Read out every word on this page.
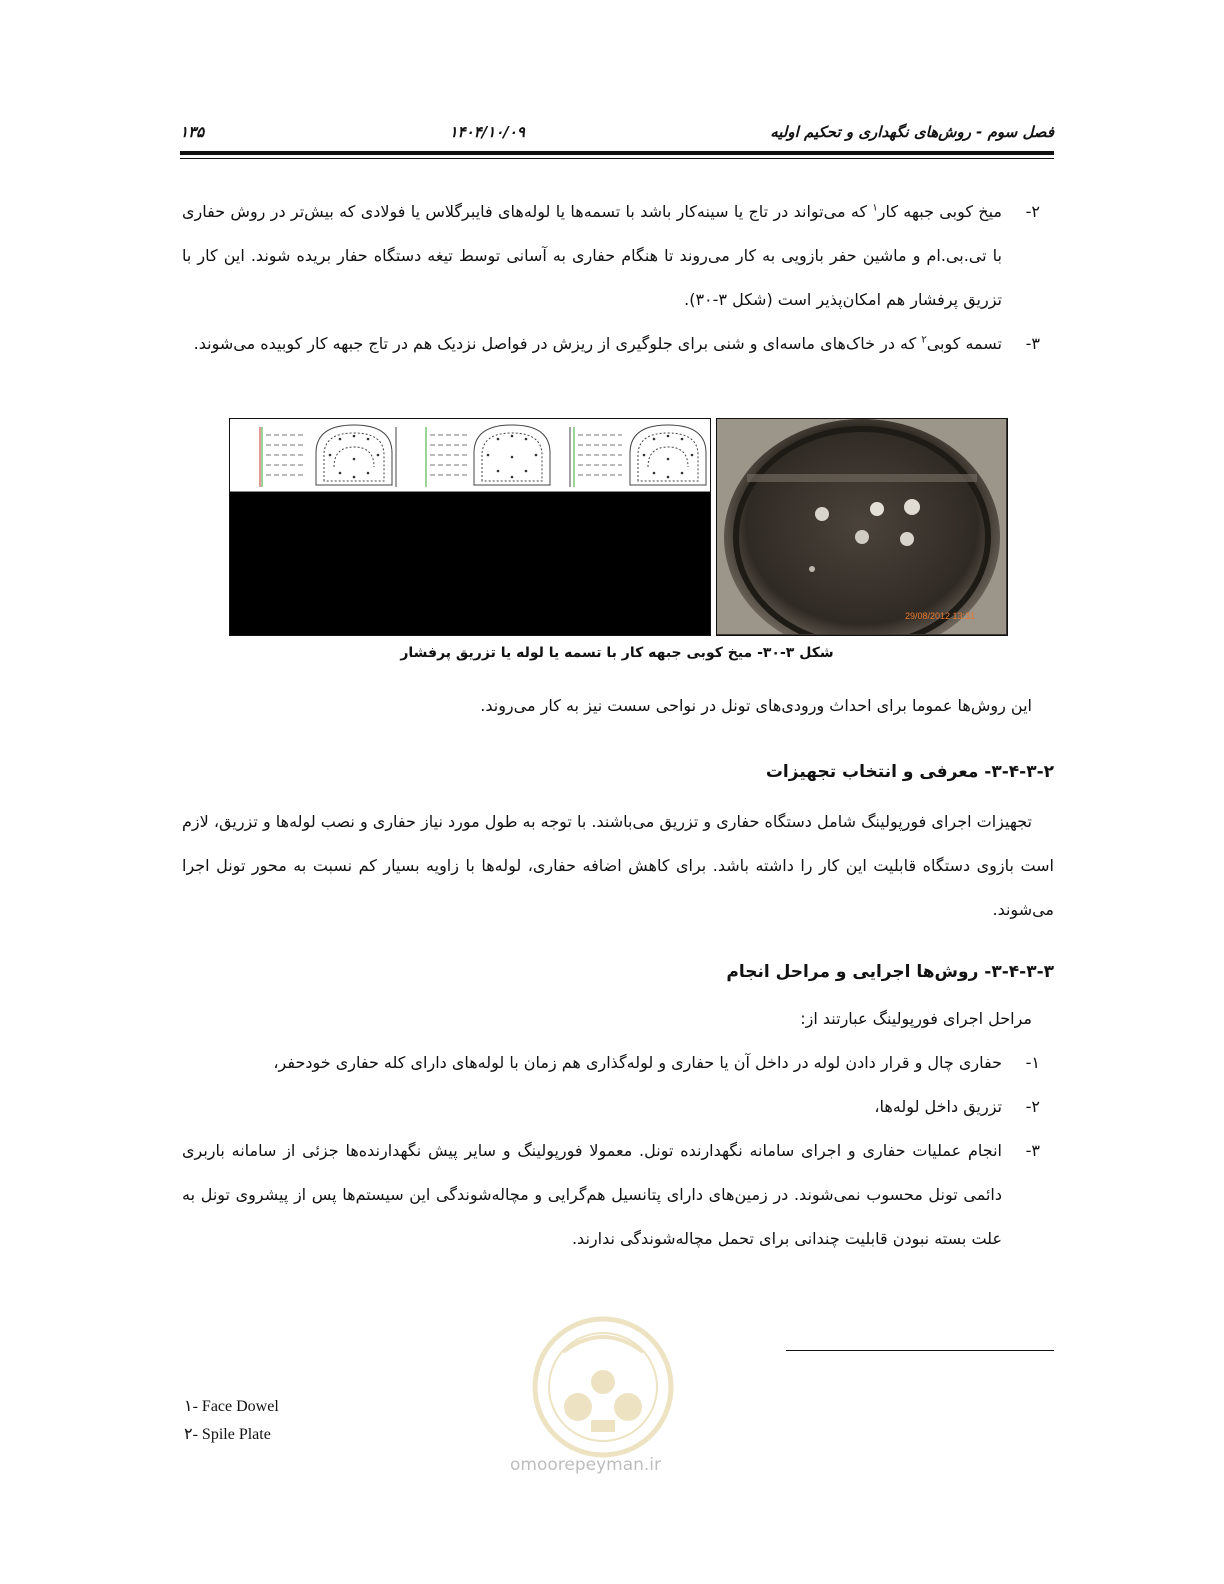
فصل سوم - روش‌های نگهداری و تحکیم اولیه
۱۴۰۴/۱۰/۰۹
۱۳۵
۲-
میخ کوبی جبهه کار$^۱$ که می‌تواند در تاج یا سینه‌کار باشد با تسمه‌ها یا لوله‌های فایبرگلاس یا فولادی که بیش‌تر در روش حفاری با تی.بی.ام و ماشین حفر بازویی به کار می‌روند تا هنگام حفاری به آسانی توسط تیغه دستگاه حفار بریده شوند. این کار با تزریق پرفشار هم امکان‌پذیر است (شکل ۳-۳۰).
۳-
تسمه کوبی$^۲$ که در خاک‌های ماسه‌ای و شنی برای جلوگیری از ریزش در فواصل نزدیک هم در تاج جبهه کار کوبیده می‌شوند.
29/08/2012 13:31
شکل ۳-۳۰- میخ کوبی جبهه کار با تسمه یا لوله یا تزریق پرفشار

این روش‌ها عموما برای احداث ورودی‌های تونل در نواحی سست نیز به کار می‌روند.

۳-۴-۳-۲- معرفی و انتخاب تجهیزات

تجهیزات اجرای فورپولینگ شامل دستگاه حفاری و تزریق می‌باشند. با توجه به طول مورد نیاز حفاری و نصب لوله‌ها و تزریق، لازم است بازوی دستگاه قابلیت این کار را داشته باشد. برای کاهش اضافه حفاری، لوله‌ها با زاویه بسیار کم نسبت به محور تونل اجرا می‌شوند.

۳-۴-۳-۳- روش‌ها اجرایی و مراحل انجام

مراحل اجرای فورپولینگ عبارتند از:

۱-
حفاری چال و قرار دادن لوله در داخل آن یا حفاری و لوله‌گذاری هم زمان با لوله‌های دارای کله حفاری خودحفر،
۲-
تزریق داخل لوله‌ها،
۳-
انجام عملیات حفاری و اجرای سامانه نگهدارنده تونل. معمولا فورپولینگ و سایر پیش نگهدارنده‌ها جزئی از سامانه باربری دائمی تونل محسوب نمی‌شوند. در زمین‌های دارای پتانسیل هم‌گرایی و مچاله‌شوندگی این سیستم‌ها پس از پیشروی تونل به علت بسته نبودن قابلیت چندانی برای تحمل مچاله‌شوندگی ندارند.
۱- Face Dowel
۲- Spile Plate
omoorepeyman.ir
